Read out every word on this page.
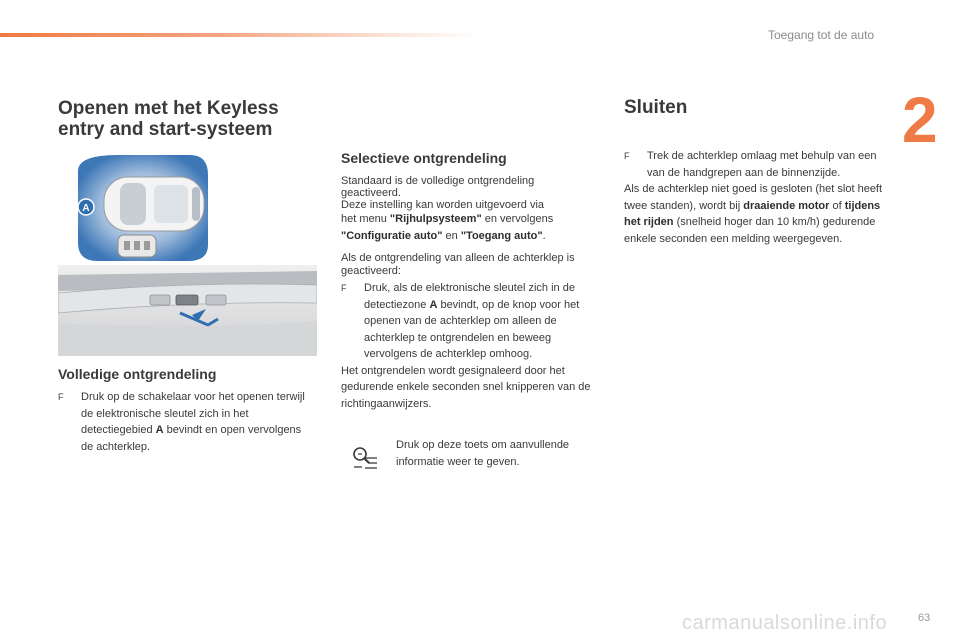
Toegang tot de auto
2
Openen met het Keyless
entry and start-systeem
A
Volledige ontgrendeling

F Druk op de schakelaar voor het openen terwijl de elektronische sleutel zich in het detectiegebied A bevindt en open vervolgens de achterklep.

Selectieve ontgrendeling

Standaard is de volledige ontgrendeling
geactiveerd.
Deze instelling kan worden uitgevoerd via

het menu "Rijhulpsysteem" en vervolgens
"Configuratie auto" en "Toegang auto".

Als de ontgrendeling van alleen de achterklep is geactiveerd:

F Druk, als de elektronische sleutel zich in de detectiezone A bevindt, op de knop voor het openen van de achterklep om alleen de achterklep te ontgrendelen en beweeg vervolgens de achterklep omhoog.

Het ontgrendelen wordt gesignaleerd door het gedurende enkele seconden snel knipperen van de richtingaanwijzers.

Druk op deze toets om aanvullende informatie weer te geven.
Sluiten

F Trek de achterklep omlaag met behulp van een van de handgrepen aan de binnenzijde.

Als de achterklep niet goed is gesloten (het slot heeft twee standen), wordt bij draaiende motor of tijdens het rijden (snelheid hoger dan 10 km/h) gedurende enkele seconden een melding weergegeven.

carmanualsonline.info	63
